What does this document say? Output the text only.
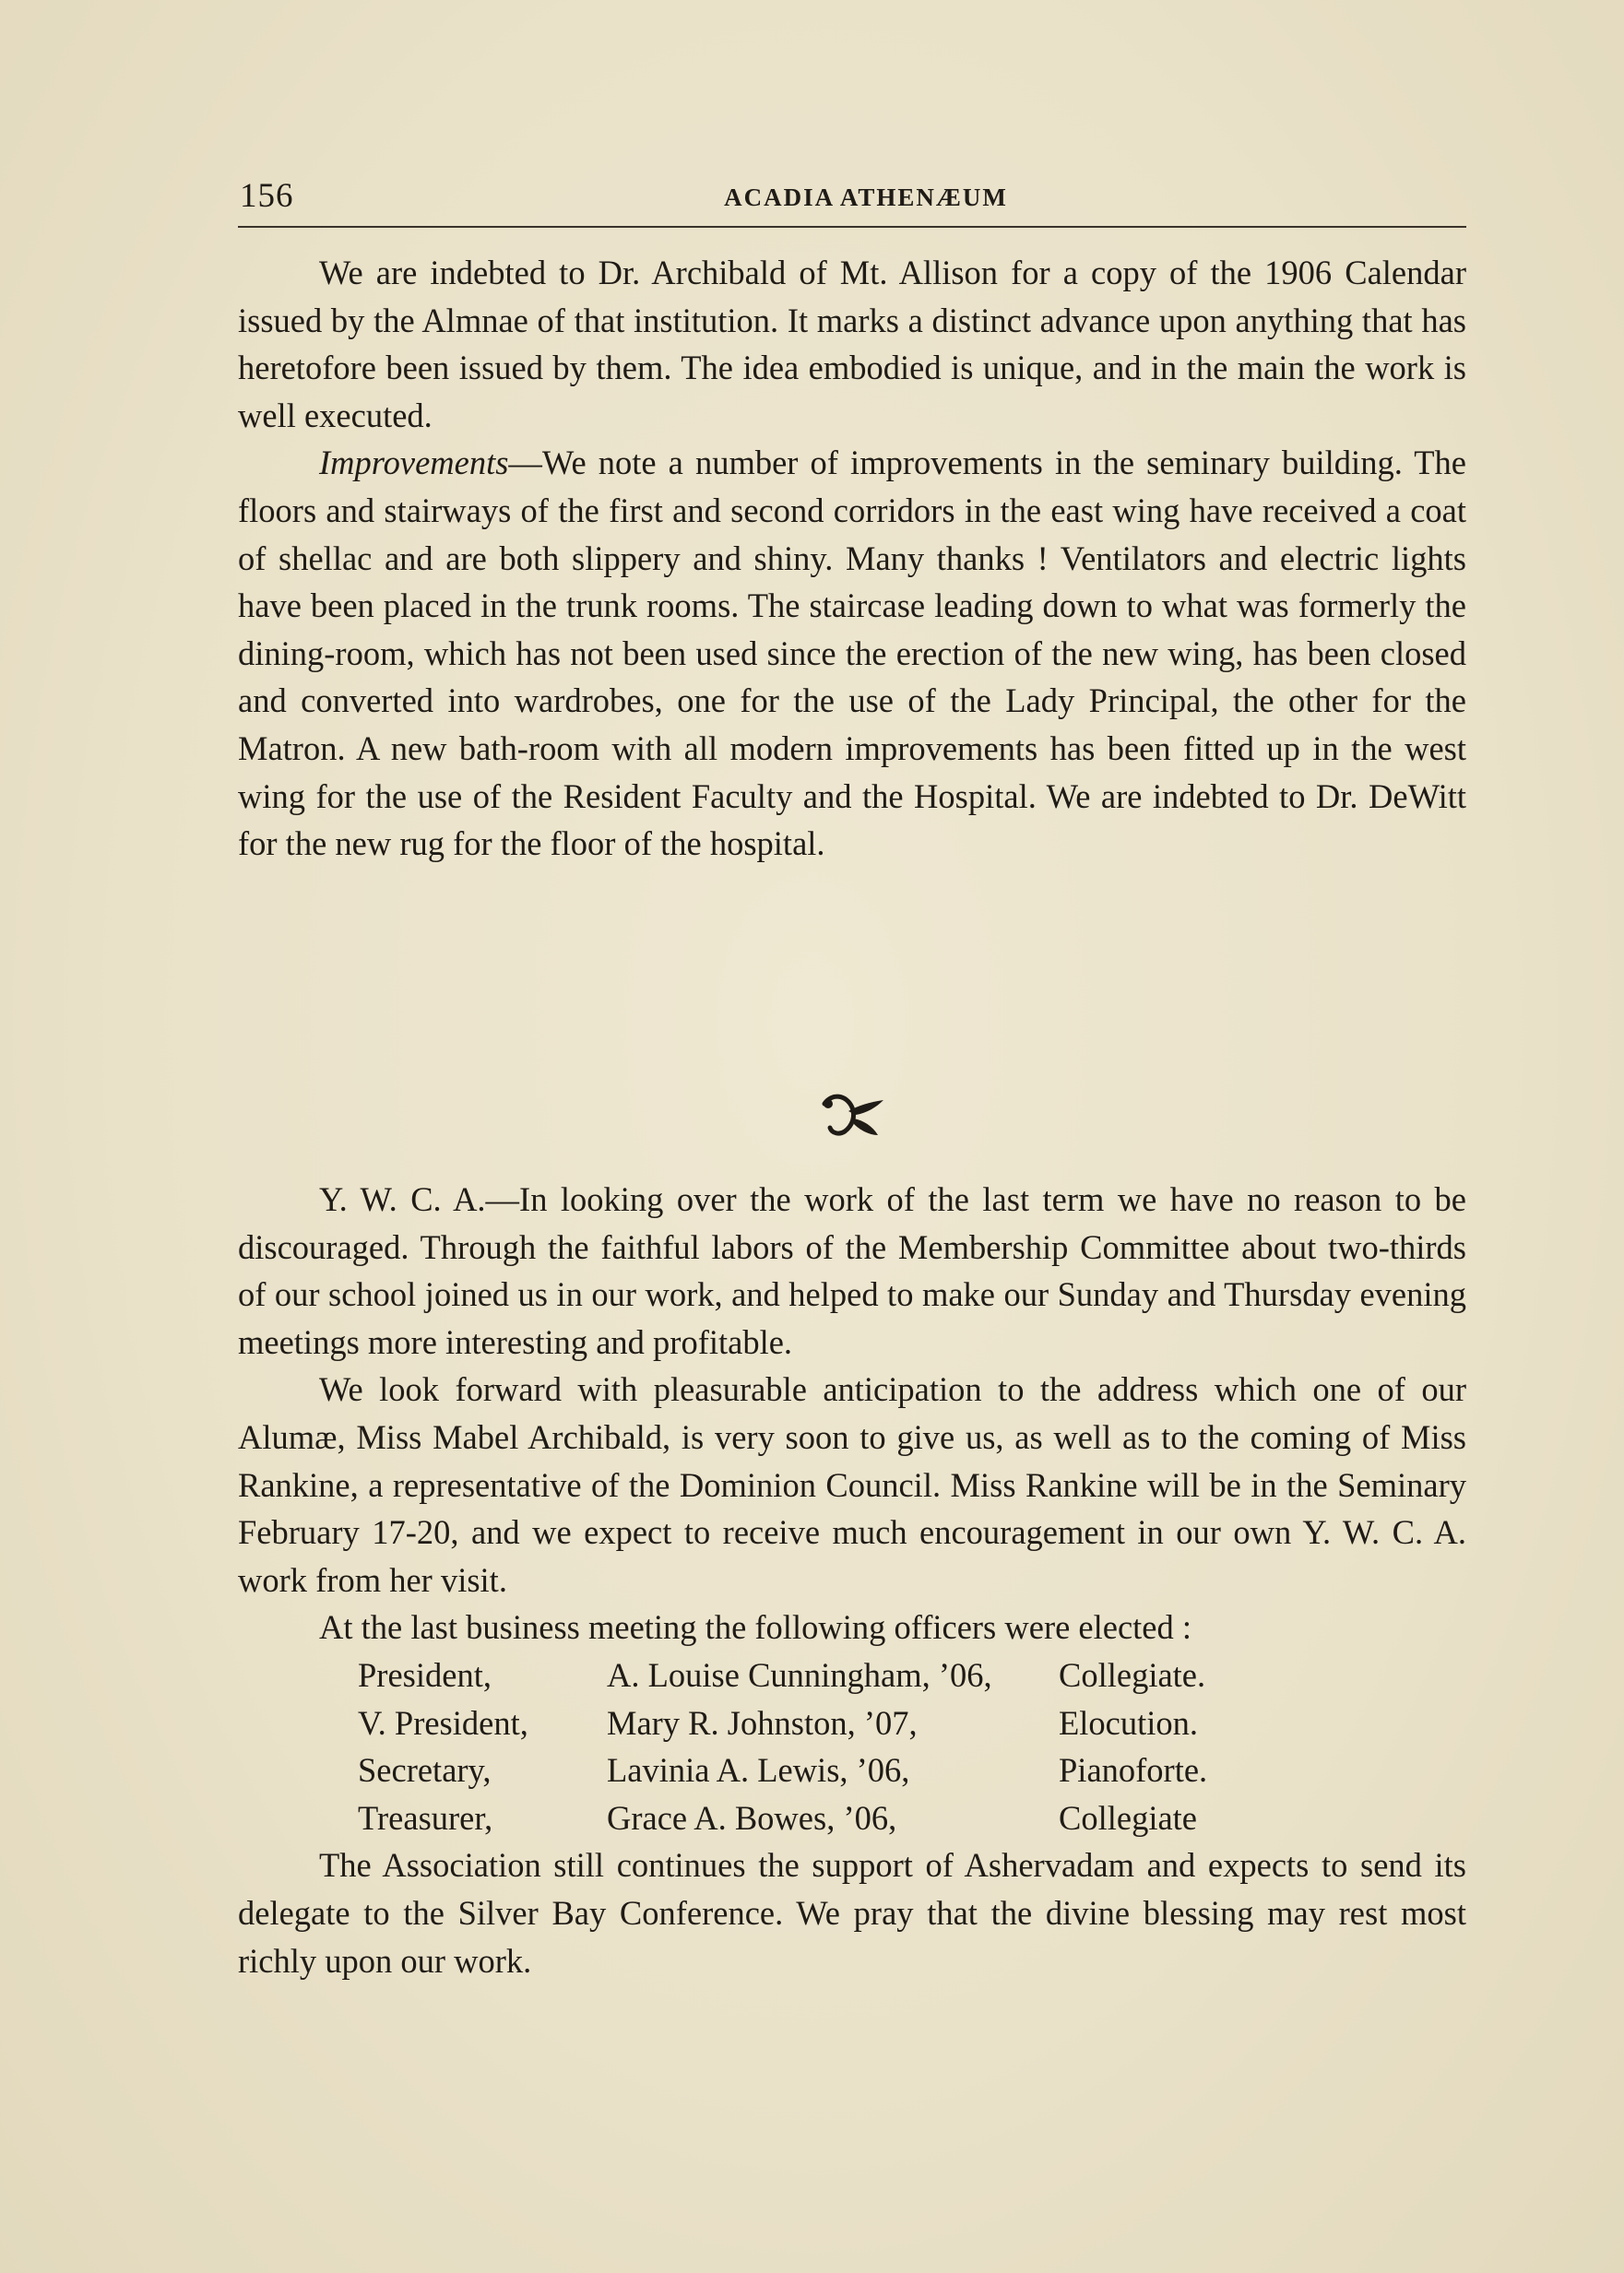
156	ACADIA ATHENÆUM

We are indebted to Dr. Archibald of Mt. Allison for a copy of the 1906 Calendar issued by the Almnae of that institution. It marks a distinct advance upon anything that has heretofore been issued by them. The idea embodied is unique, and in the main the work is well executed.

Improvements—We note a number of improvements in the seminary building. The floors and stairways of the first and second corridors in the east wing have received a coat of shellac and are both slippery and shiny. Many thanks ! Ventilators and electric lights have been placed in the trunk rooms. The staircase leading down to what was formerly the dining-room, which has not been used since the erection of the new wing, has been closed and converted into wardrobes, one for the use of the Lady Principal, the other for the Matron. A new bath-room with all modern improvements has been fitted up in the west wing for the use of the Resident Faculty and the Hospital. We are indebted to Dr. DeWitt for the new rug for the floor of the hospital.

Y. W. C. A.—In looking over the work of the last term we have no reason to be discouraged. Through the faithful labors of the Membership Committee about two-thirds of our school joined us in our work, and helped to make our Sunday and Thursday evening meetings more interesting and profitable.

We look forward with pleasurable anticipation to the address which one of our Alumæ, Miss Mabel Archibald, is very soon to give us, as well as to the coming of Miss Rankine, a representative of the Dominion Council. Miss Rankine will be in the Seminary February 17-20, and we expect to receive much encouragement in our own Y. W. C. A. work from her visit.

At the last business meeting the following officers were elected :

President,	A. Louise Cunningham, ’06,	Collegiate.
V. President,	Mary R. Johnston, ’07,	Elocution.
Secretary,	Lavinia A. Lewis, ’06,	Pianoforte.
Treasurer,	Grace A. Bowes, ’06,	Collegiate

The Association still continues the support of Ashervadam and expects to send its delegate to the Silver Bay Conference. We pray that the divine blessing may rest most richly upon our work.
